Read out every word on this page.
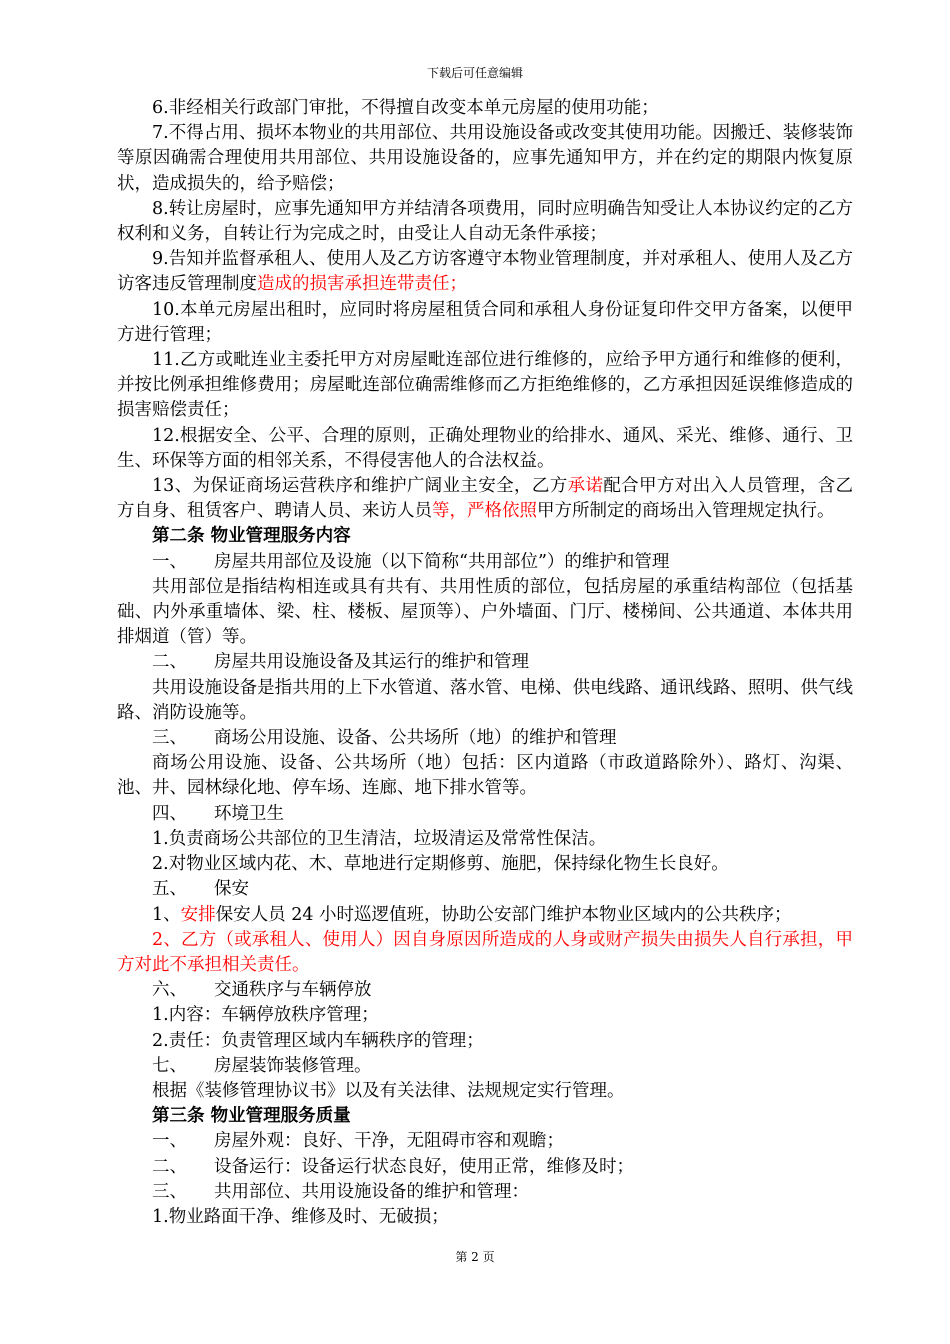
下载后可任意编辑

6.非经相关行政部门审批，不得擅自改变本单元房屋的使用功能；

7.不得占用、损坏本物业的共用部位、共用设施设备或改变其使用功能。因搬迁、装修装饰等原因确需合理使用共用部位、共用设施设备的，应事先通知甲方，并在约定的期限内恢复原状，造成损失的，给予赔偿；

8.转让房屋时，应事先通知甲方并结清各项费用，同时应明确告知受让人本协议约定的乙方权利和义务，自转让行为完成之时，由受让人自动无条件承接；

9.告知并监督承租人、使用人及乙方访客遵守本物业管理制度，并对承租人、使用人及乙方访客违反管理制度造成的损害承担连带责任；

10.本单元房屋出租时，应同时将房屋租赁合同和承租人身份证复印件交甲方备案，以便甲方进行管理；

11.乙方或毗连业主委托甲方对房屋毗连部位进行维修的，应给予甲方通行和维修的便利，并按比例承担维修费用；房屋毗连部位确需维修而乙方拒绝维修的，乙方承担因延误维修造成的损害赔偿责任；

12.根据安全、公平、合理的原则，正确处理物业的给排水、通风、采光、维修、通行、卫生、环保等方面的相邻关系，不得侵害他人的合法权益。

13、为保证商场运营秩序和维护广阔业主安全，乙方承诺配合甲方对出入人员管理，含乙方自身、租赁客户、聘请人员、来访人员等，严格依照甲方所制定的商场出入管理规定执行。

第二条 物业管理服务内容

一、 房屋共用部位及设施（以下简称“共用部位”）的维护和管理

共用部位是指结构相连或具有共有、共用性质的部位，包括房屋的承重结构部位（包括基础、内外承重墙体、梁、柱、楼板、屋顶等）、户外墙面、门厅、楼梯间、公共通道、本体共用排烟道（管）等。

二、 房屋共用设施设备及其运行的维护和管理

共用设施设备是指共用的上下水管道、落水管、电梯、供电线路、通讯线路、照明、供气线路、消防设施等。

三、 商场公用设施、设备、公共场所（地）的维护和管理

商场公用设施、设备、公共场所（地）包括：区内道路（市政道路除外）、路灯、沟渠、池、井、园林绿化地、停车场、连廊、地下排水管等。

四、 环境卫生

1.负责商场公共部位的卫生清洁，垃圾清运及常常性保洁。

2.对物业区域内花、木、草地进行定期修剪、施肥，保持绿化物生长良好。

五、 保安

1、安排保安人员 24 小时巡逻值班，协助公安部门维护本物业区域内的公共秩序；

2、乙方（或承租人、使用人）因自身原因所造成的人身或财产损失由损失人自行承担，甲方对此不承担相关责任。

六、 交通秩序与车辆停放

1.内容：车辆停放秩序管理；

2.责任：负责管理区域内车辆秩序的管理；

七、 房屋装饰装修管理。

根据《装修管理协议书》以及有关法律、法规规定实行管理。

第三条 物业管理服务质量

一、 房屋外观：良好、干净，无阻碍市容和观瞻；

二、 设备运行：设备运行状态良好，使用正常，维修及时；

三、 共用部位、共用设施设备的维护和管理：

1.物业路面干净、维修及时、无破损；

第 2 页
